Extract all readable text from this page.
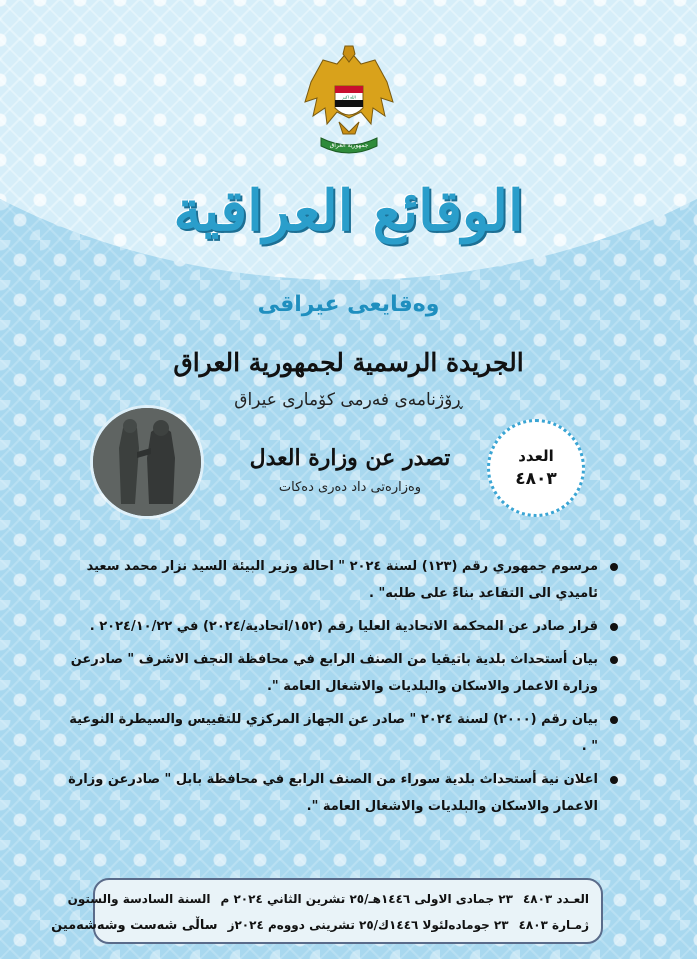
الله اكبر
جمهورية العراق
الوقائع العراقية
وەقایعی عیراقی
الجريدة الرسمية لجمهورية العراق
ڕۆژنامەی فەرمی کۆماری عیراق
تصدر عن وزارة العدل
وەزارەتی داد دەری دەکات
العدد
٤٨٠٣
مرسوم جمهوري رقم (١٢٣) لسنة ٢٠٢٤ " احالة وزير البيئة السيد نزار محمد سعيد ئاميدي الى التقاعد بناءً على طلبه" .
قرار صادر عن المحكمة الاتحادية العليا رقم (١٥٢/اتحادية/٢٠٢٤) في ٢٠٢٤/١٠/٢٢ .
بيان أستحداث بلدية باتيقيا من الصنف الرابع في محافظة النجف الاشرف " صادرعن وزارة الاعمار والاسكان والبلديات والاشغال العامة ".
بيان رقم (٢٠٠٠) لسنة ٢٠٢٤ " صادر عن الجهاز المركزي للتقييس والسيطرة النوعية " .
اعلان نية أستحداث بلدية سوراء من الصنف الرابع في محافظة بابل " صادرعن وزارة الاعمار والاسكان والبلديات والاشغال العامة ".
العـدد ٤٨٠٣
٢٣ جمادى الاولى ١٤٤٦هـ/٢٥ تشرين الثاني ٢٠٢٤ م
السنة السادسة والستون
ژمـارة ٤٨٠٣
٢٣ جومادەلئولا ١٤٤٦ك/٢٥ تشرینی دووەم ٢٠٢٤ز
ساڵی شەست وشەشەمین
